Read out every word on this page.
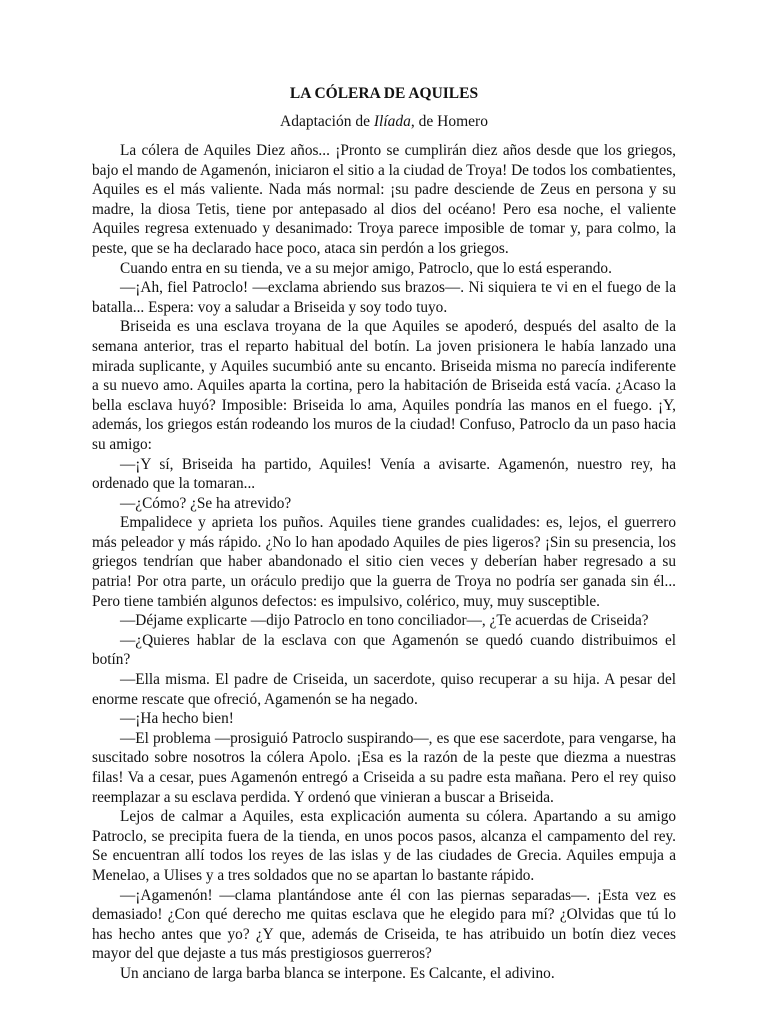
LA CÓLERA DE AQUILES
Adaptación de Ilíada, de Homero

La cólera de Aquiles Diez años... ¡Pronto se cumplirán diez años desde que los griegos, bajo el mando de Agamenón, iniciaron el sitio a la ciudad de Troya! De todos los combatientes, Aquiles es el más valiente. Nada más normal: ¡su padre desciende de Zeus en persona y su madre, la diosa Tetis, tiene por antepasado al dios del océano! Pero esa noche, el valiente Aquiles regresa extenuado y desanimado: Troya parece imposible de tomar y, para colmo, la peste, que se ha declarado hace poco, ataca sin perdón a los griegos.

Cuando entra en su tienda, ve a su mejor amigo, Patroclo, que lo está esperando.

—¡Ah, fiel Patroclo! —exclama abriendo sus brazos—. Ni siquiera te vi en el fuego de la batalla... Espera: voy a saludar a Briseida y soy todo tuyo.

Briseida es una esclava troyana de la que Aquiles se apoderó, después del asalto de la semana anterior, tras el reparto habitual del botín. La joven prisionera le había lanzado una mirada suplicante, y Aquiles sucumbió ante su encanto. Briseida misma no parecía indiferente a su nuevo amo. Aquiles aparta la cortina, pero la habitación de Briseida está vacía. ¿Acaso la bella esclava huyó? Imposible: Briseida lo ama, Aquiles pondría las manos en el fuego. ¡Y, además, los griegos están rodeando los muros de la ciudad! Confuso, Patroclo da un paso hacia su amigo:

—¡Y sí, Briseida ha partido, Aquiles! Venía a avisarte. Agamenón, nuestro rey, ha ordenado que la tomaran...

—¿Cómo? ¿Se ha atrevido?

Empalidece y aprieta los puños. Aquiles tiene grandes cualidades: es, lejos, el guerrero más peleador y más rápido. ¿No lo han apodado Aquiles de pies ligeros? ¡Sin su presencia, los griegos tendrían que haber abandonado el sitio cien veces y deberían haber regresado a su patria! Por otra parte, un oráculo predijo que la guerra de Troya no podría ser ganada sin él... Pero tiene también algunos defectos: es impulsivo, colérico, muy, muy susceptible.

—Déjame explicarte —dijo Patroclo en tono conciliador—, ¿Te acuerdas de Criseida?

—¿Quieres hablar de la esclava con que Agamenón se quedó cuando distribuimos el botín?

—Ella misma. El padre de Criseida, un sacerdote, quiso recuperar a su hija. A pesar del enorme rescate que ofreció, Agamenón se ha negado.

—¡Ha hecho bien!

—El problema —prosiguió Patroclo suspirando—, es que ese sacerdote, para vengarse, ha suscitado sobre nosotros la cólera Apolo. ¡Esa es la razón de la peste que diezma a nuestras filas! Va a cesar, pues Agamenón entregó a Criseida a su padre esta mañana. Pero el rey quiso reemplazar a su esclava perdida. Y ordenó que vinieran a buscar a Briseida.

Lejos de calmar a Aquiles, esta explicación aumenta su cólera. Apartando a su amigo Patroclo, se precipita fuera de la tienda, en unos pocos pasos, alcanza el campamento del rey. Se encuentran allí todos los reyes de las islas y de las ciudades de Grecia. Aquiles empuja a Menelao, a Ulises y a tres soldados que no se apartan lo bastante rápido.

—¡Agamenón! —clama plantándose ante él con las piernas separadas—. ¡Esta vez es demasiado! ¿Con qué derecho me quitas esclava que he elegido para mí? ¿Olvidas que tú lo has hecho antes que yo? ¿Y que, además de Criseida, te has atribuido un botín diez veces mayor del que dejaste a tus más prestigiosos guerreros?

Un anciano de larga barba blanca se interpone. Es Calcante, el adivino.
